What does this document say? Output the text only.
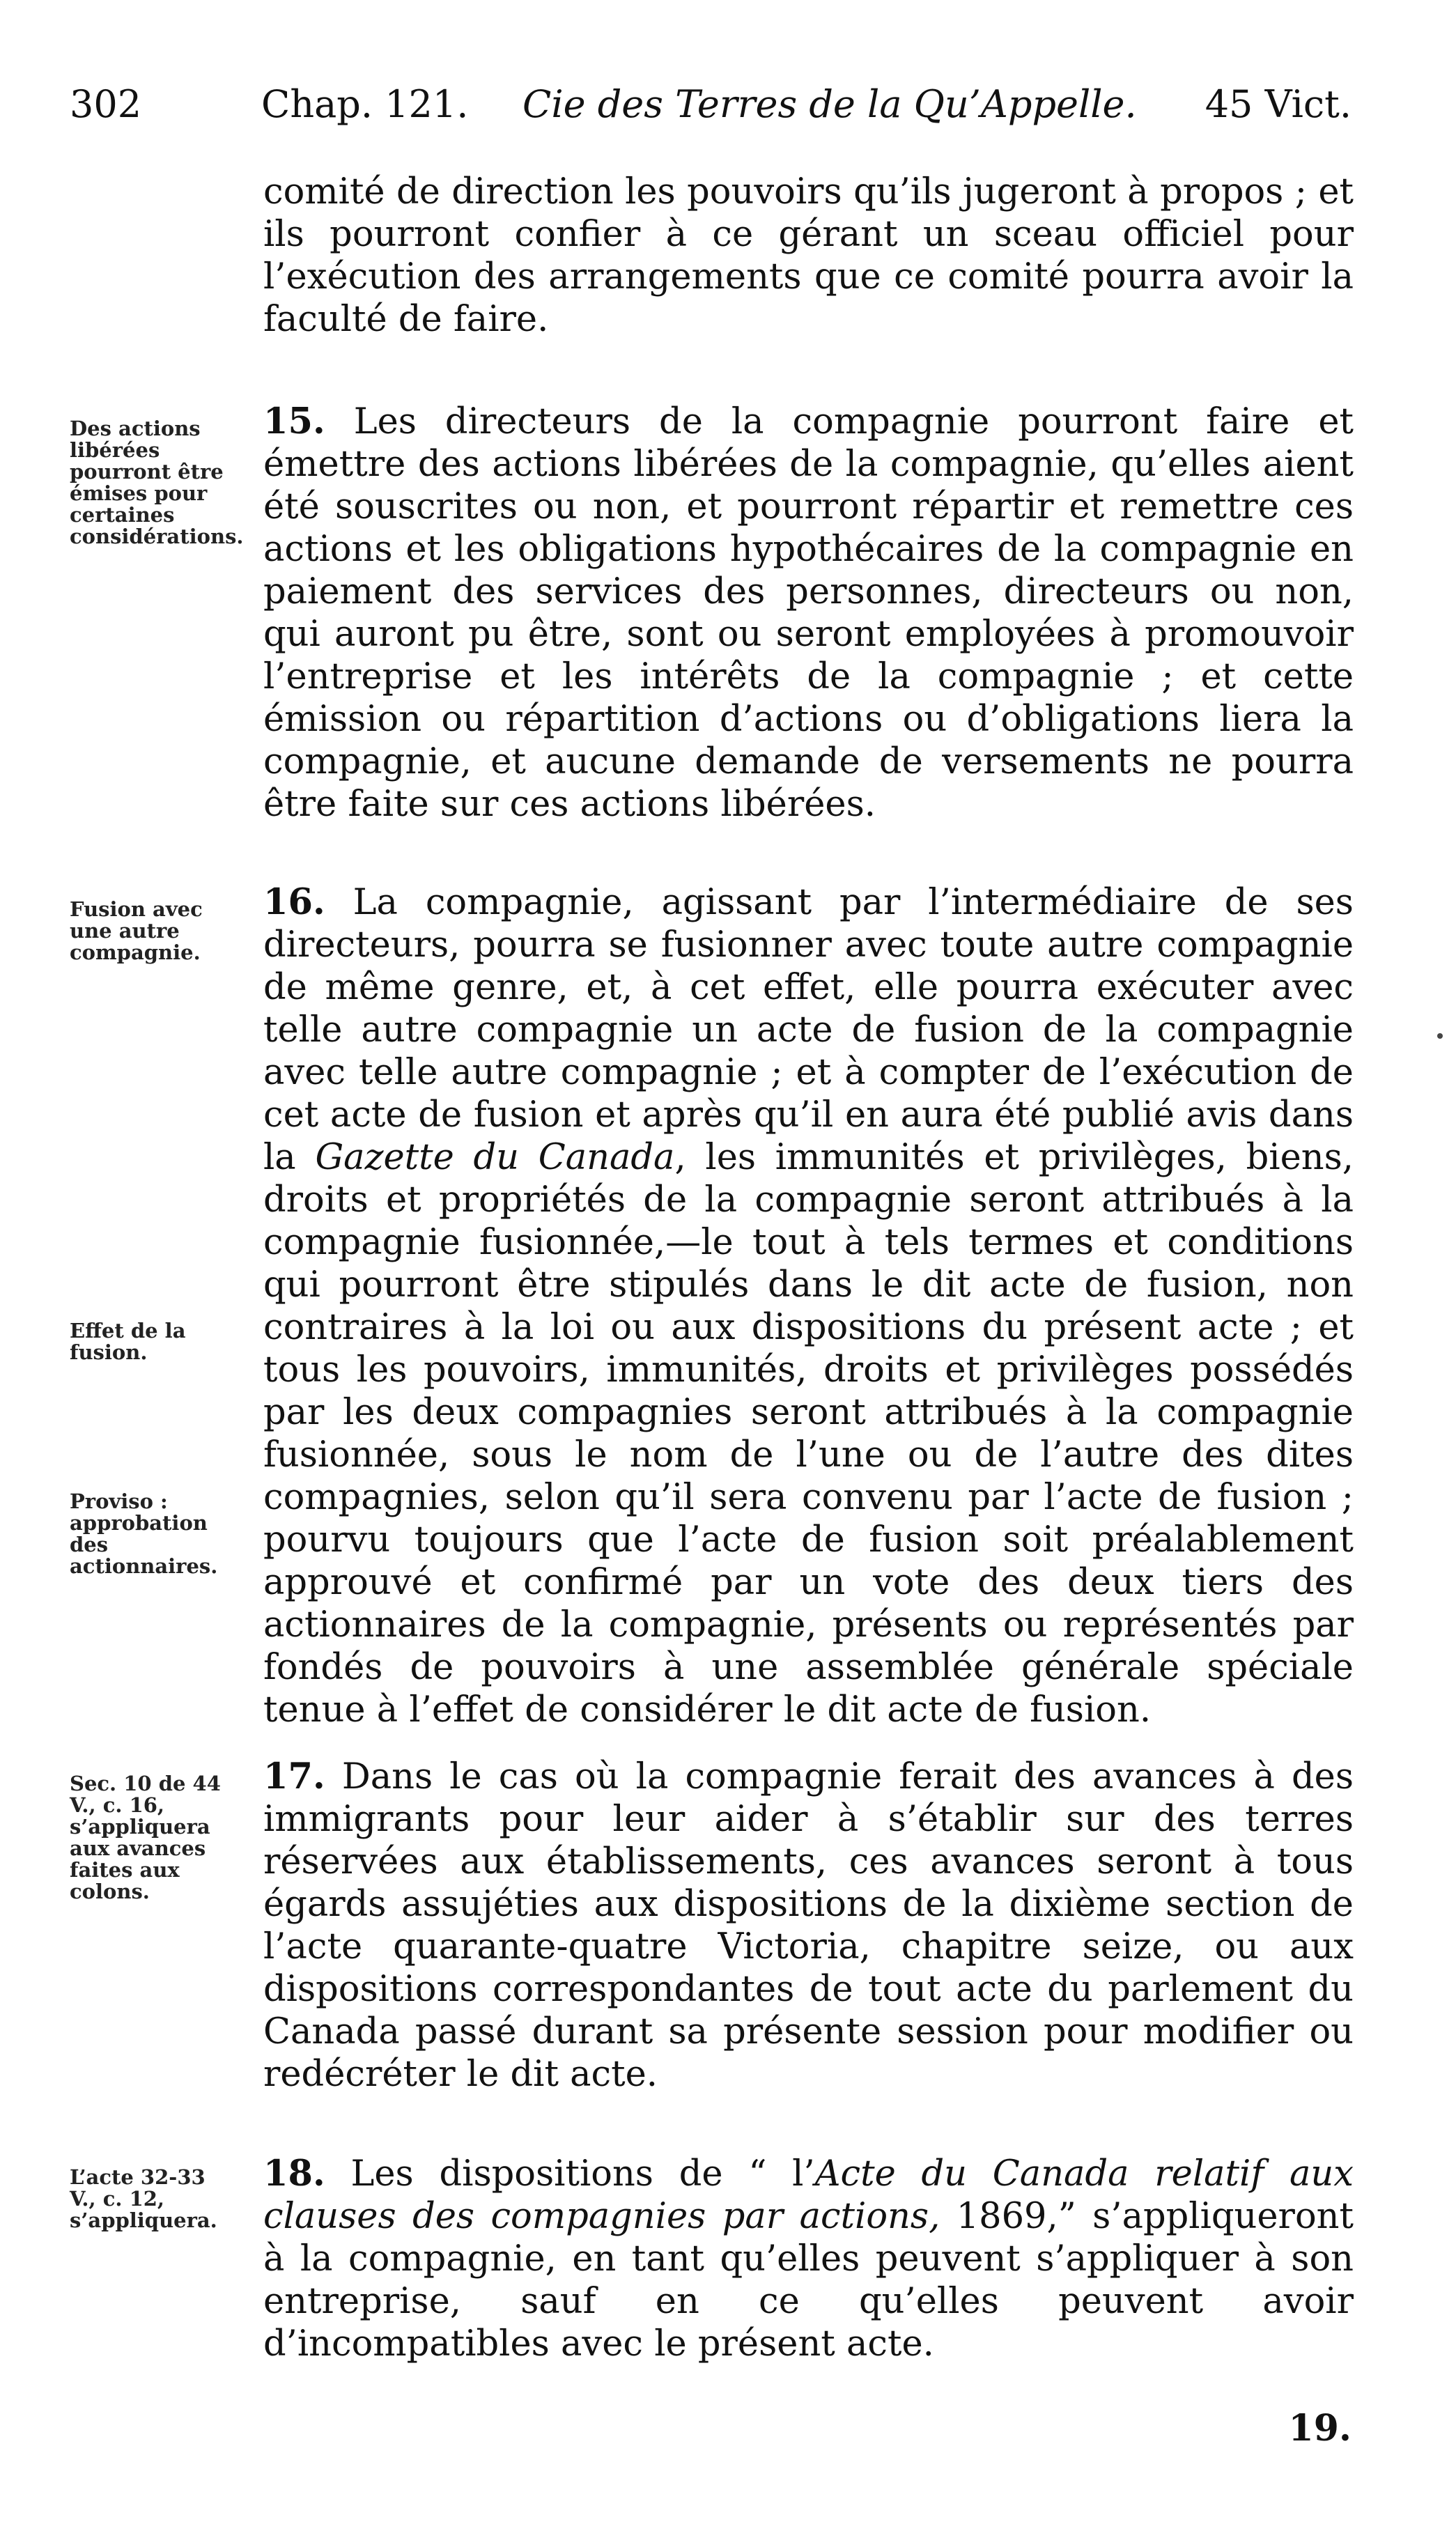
302	Chap. 121. Cie des Terres de la Qu’Appelle. 45 Vict.

comité de direction les pouvoirs qu’ils jugeront à propos ; et ils pourront confier à ce gérant un sceau officiel pour l’exécution des arrangements que ce comité pourra avoir la faculté de faire.

15. Les directeurs de la compagnie pourront faire et émettre des actions libérées de la compagnie, qu’elles aient été souscrites ou non, et pourront répartir et remettre ces actions et les obligations hypothécaires de la compagnie en paiement des services des personnes, directeurs ou non, qui auront pu être, sont ou seront employées à promouvoir l’entreprise et les intérêts de la compagnie ; et cette émission ou répartition d’actions ou d’obligations liera la compagnie, et aucune demande de versements ne pourra être faite sur ces actions libérées.

Des actions libérées pourront être émises pour certaines considérations.

16. La compagnie, agissant par l’intermédiaire de ses directeurs, pourra se fusionner avec toute autre compagnie de même genre, et, à cet effet, elle pourra exécuter avec telle autre compagnie un acte de fusion de la compagnie avec telle autre compagnie ; et à compter de l’exécution de cet acte de fusion et après qu’il en aura été publié avis dans la Gazette du Canada, les immunités et privilèges, biens, droits et propriétés de la compagnie seront attribués à la compagnie fusionnée,—le tout à tels termes et conditions qui pourront être stipulés dans le dit acte de fusion, non contraires à la loi ou aux dispositions du présent acte ; et tous les pouvoirs, immunités, droits et privilèges possédés par les deux compagnies seront attribués à la compagnie fusionnée, sous le nom de l’une ou de l’autre des dites compagnies, selon qu’il sera convenu par l’acte de fusion ; pourvu toujours que l’acte de fusion soit préalablement approuvé et confirmé par un vote des deux tiers des actionnaires de la compagnie, présents ou représentés par fondés de pouvoirs à une assemblée générale spéciale tenue à l’effet de considérer le dit acte de fusion.

Fusion avec une autre compagnie.
Effet de la fusion.
Proviso : approbation des actionnaires.

17. Dans le cas où la compagnie ferait des avances à des immigrants pour leur aider à s’établir sur des terres réservées aux établissements, ces avances seront à tous égards assujéties aux dispositions de la dixième section de l’acte quarante-quatre Victoria, chapitre seize, ou aux dispositions correspondantes de tout acte du parlement du Canada passé durant sa présente session pour modifier ou redécréter le dit acte.

Sec. 10 de 44 V., c. 16, s’appliquera aux avances faites aux colons.

18. Les dispositions de “ l’Acte du Canada relatif aux clauses des compagnies par actions, 1869,” s’appliqueront à la compagnie, en tant qu’elles peuvent s’appliquer à son entreprise, sauf en ce qu’elles peuvent avoir d’incompatibles avec le présent acte.

L’acte 32-33 V., c. 12, s’appliquera.
19.
